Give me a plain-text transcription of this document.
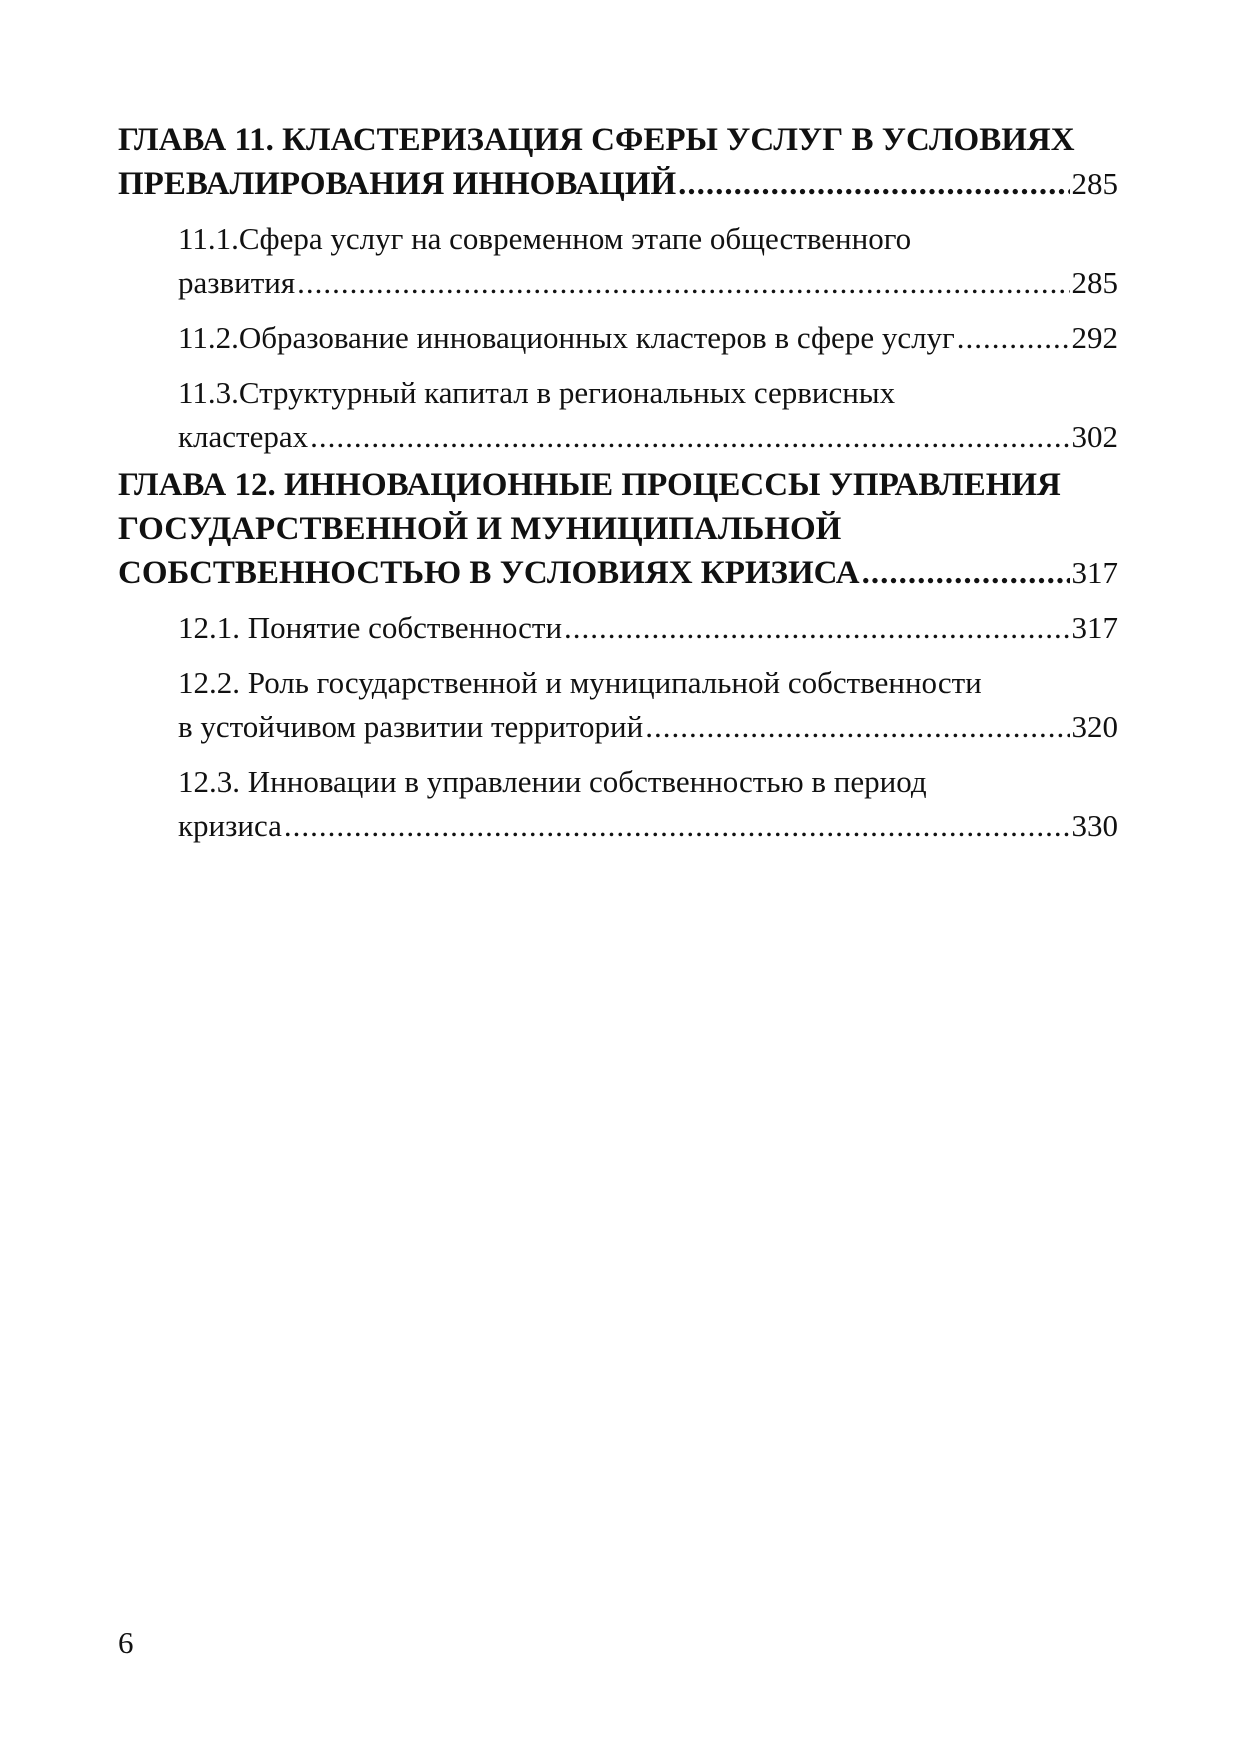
ГЛАВА 11. КЛАСТЕРИЗАЦИЯ СФЕРЫ УСЛУГ В УСЛОВИЯХ
ПРЕВАЛИРОВАНИЯ ИННОВАЦИЙ .....	285
11.1.Сфера услуг на современном этапе общественного
развития .....	285
11.2.Образование инновационных кластеров в сфере услуг .....	292
11.3.Структурный капитал в региональных сервисных
кластерах .....	302
ГЛАВА 12. ИННОВАЦИОННЫЕ ПРОЦЕССЫ УПРАВЛЕНИЯ
ГОСУДАРСТВЕННОЙ И МУНИЦИПАЛЬНОЙ
СОБСТВЕННОСТЬЮ В УСЛОВИЯХ КРИЗИСА .....	317
12.1. Понятие собственности .....	317
12.2. Роль государственной и муниципальной собственности
в устойчивом развитии территорий .....	320
12.3. Инновации в управлении собственностью в период
кризиса .....	330
6
